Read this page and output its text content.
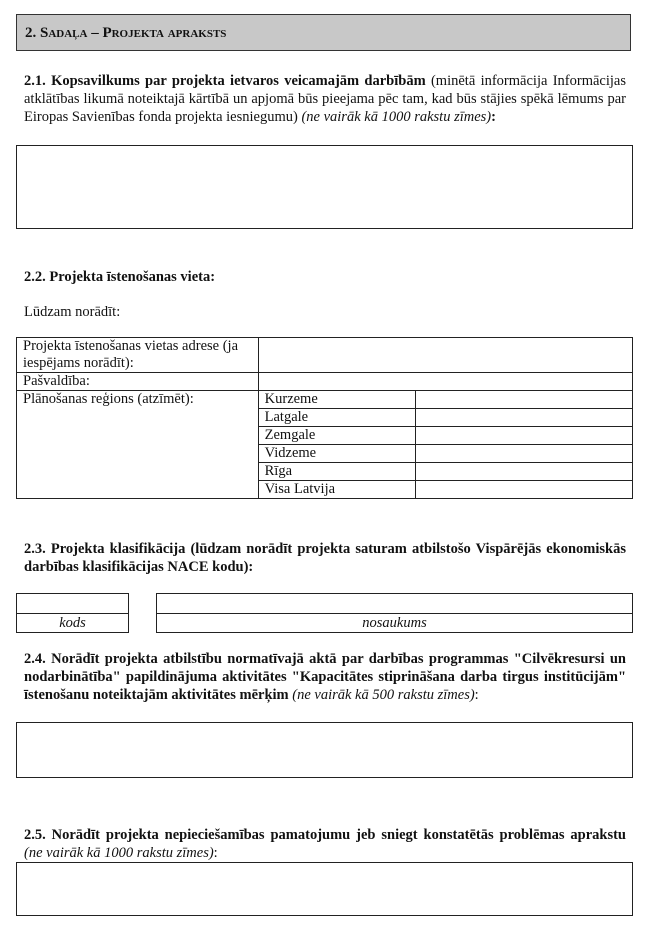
2. Sadaļa – Projekta apraksts
2.1. Kopsavilkums par projekta ietvaros veicamajām darbībām (minētā informācija Informācijas atklātības likumā noteiktajā kārtībā un apjomā būs pieejama pēc tam, kad būs stājies spēkā lēmums par Eiropas Savienības fonda projekta iesniegumu) (ne vairāk kā 1000 rakstu zīmes):
2.2. Projekta īstenošanas vieta:
Lūdzam norādīt:
Projekta īstenošanas vietas adrese (ja iespējams norādīt):		
Pašvaldība:		
Plānošanas reģions (atzīmēt):	Kurzeme	
	Latgale	
	Zemgale	
	Vidzeme	
	Rīga	
	Visa Latvija	
2.3. Projekta klasifikācija (lūdzam norādīt projekta saturam atbilstošo Vispārējās ekonomiskās darbības klasifikācijas NACE kodu):
kods	nosaukums
2.4. Norādīt projekta atbilstību normatīvajā aktā par darbības programmas "Cilvēkresursi un nodarbinātība" papildinājuma aktivitātes "Kapacitātes stiprināšana darba tirgus institūcijām" īstenošanu noteiktajām aktivitātes mērķim (ne vairāk kā 500 rakstu zīmes):
2.5. Norādīt projekta nepieciešamības pamatojumu jeb sniegt konstatētās problēmas aprakstu (ne vairāk kā 1000 rakstu zīmes):
